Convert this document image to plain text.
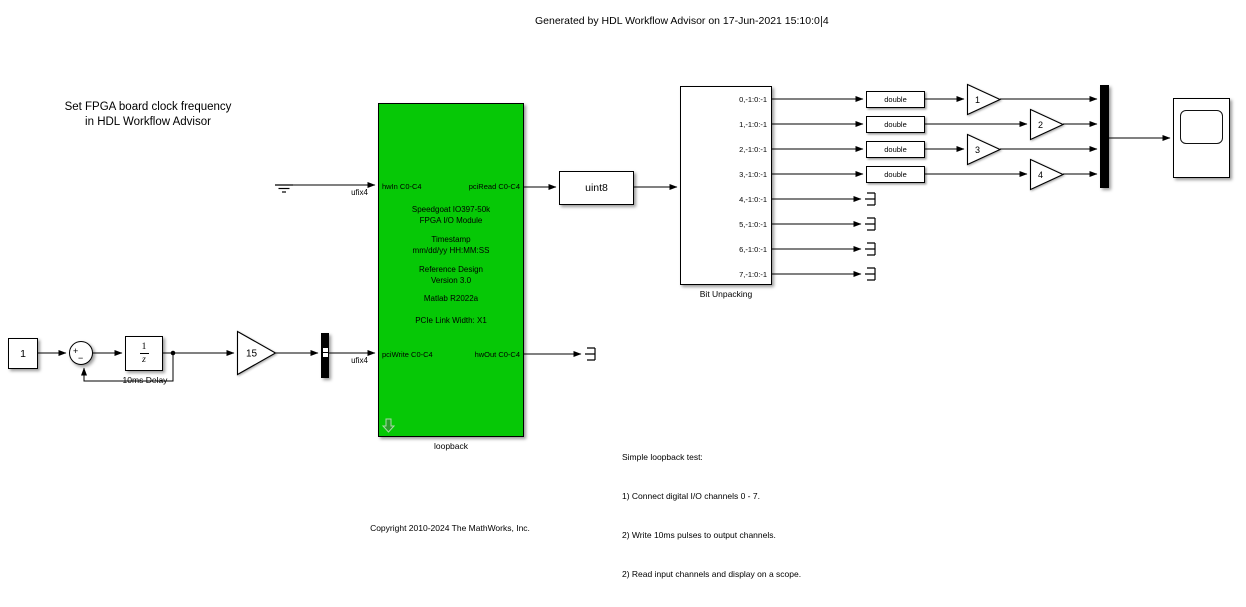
Generated by HDL Workflow Advisor on 17-Jun-2021 15:10:0 4
Set FPGA board clock frequency
in HDL Workflow Advisor
1	+
−	$\frac{1}{z}$
10ms Delay
15
ufix4
ufix4
hwIn C0-C4	pciRead C0-C4
pciWrite C0-C4	hwOut C0-C4
Speedgoat IO397-50k
FPGA I/O Module
Timestamp
mm/dd/yy HH:MM:SS
Reference Design
Version 3.0
Matlab R2022a
PCIe Link Width: X1
loopback
uint8
0,-1:0:-1
1,-1:0:-1
2,-1:0:-1
3,-1:0:-1
4,-1:0:-1
5,-1:0:-1
6,-1:0:-1
7,-1:0:-1
Bit Unpacking
double
double
double
double
1
2
3
4

Simple loopback test:

1) Connect digital I/O channels 0 - 7.

2) Write 10ms pulses to output channels.

2) Read input channels and display on a scope.

Copyright 2010-2024 The MathWorks, Inc.
